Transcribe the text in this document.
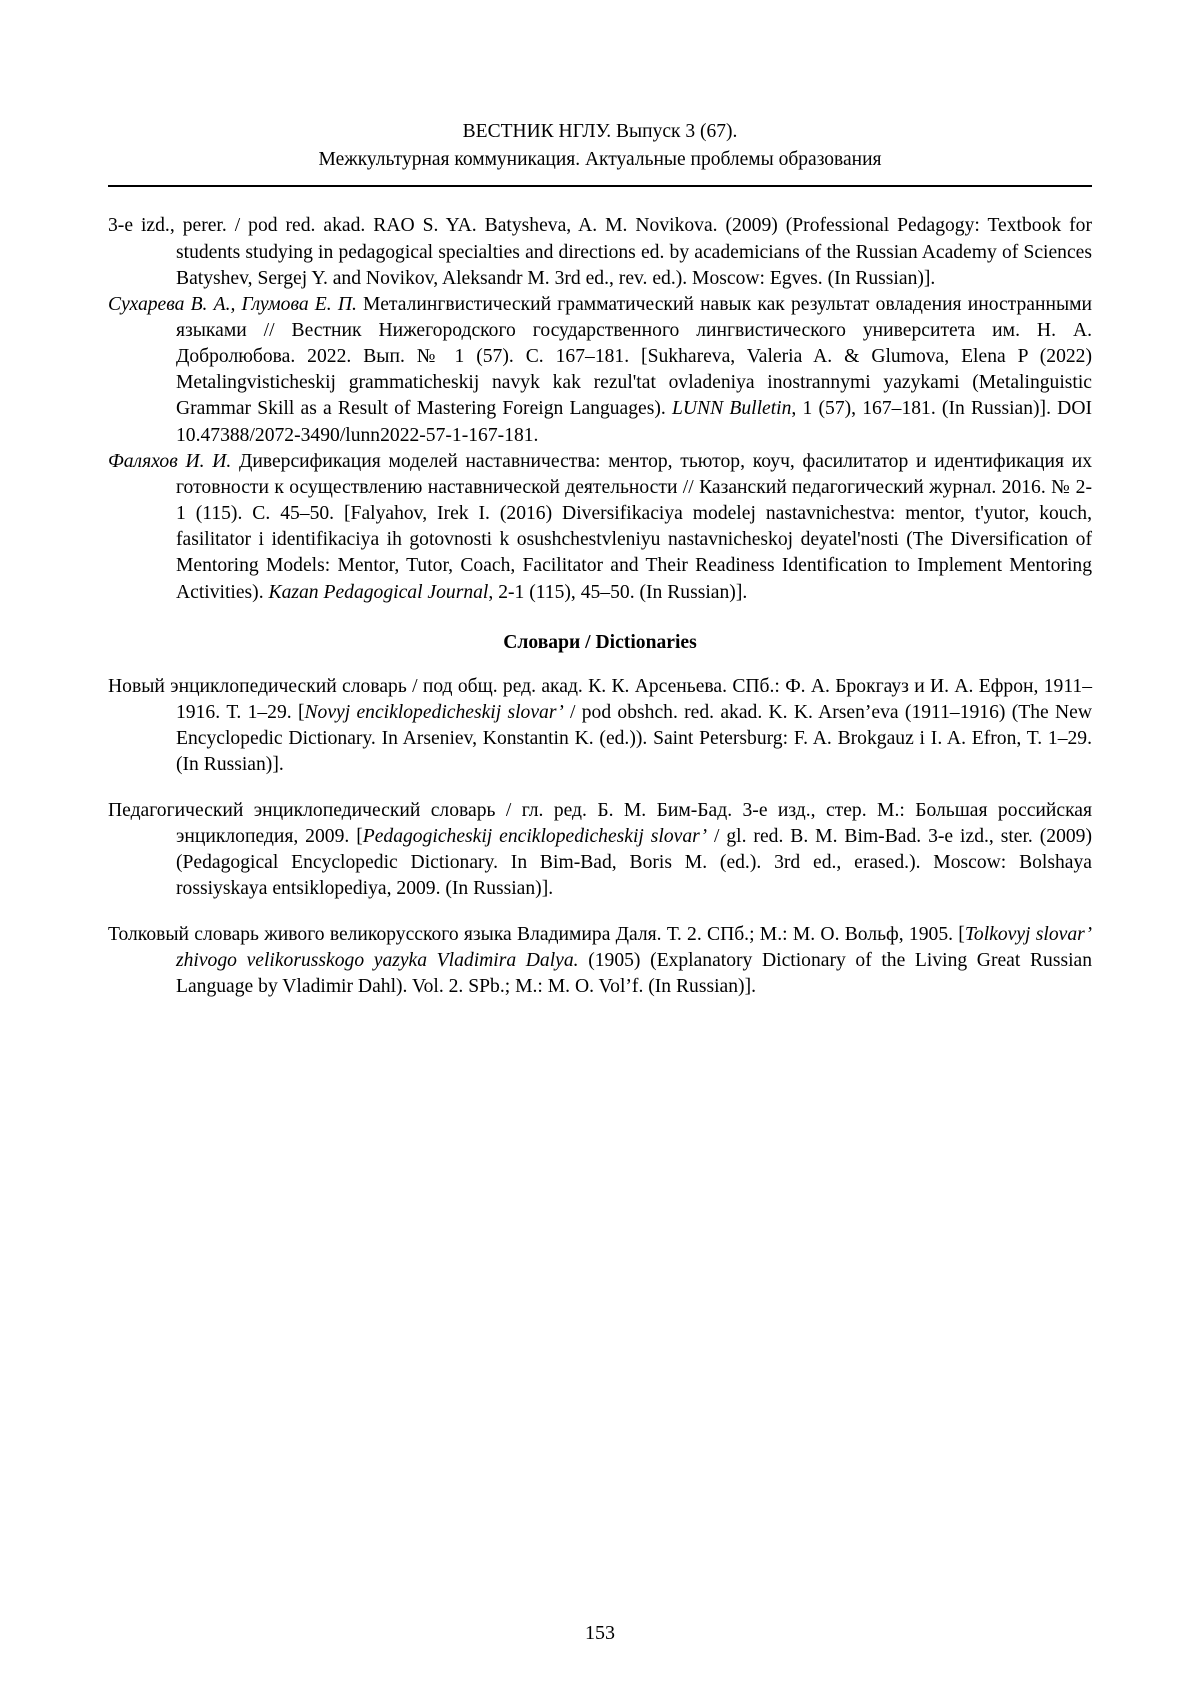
ВЕСТНИК НГЛУ. Выпуск 3 (67).
Межкультурная коммуникация. Актуальные проблемы образования

3-е izd., perer. / pod red. akad. RAO S. YA. Batysheva, A. M. Novikova. (2009) (Professional Pedagogy: Textbook for students studying in pedagogical specialties and directions ed. by academicians of the Russian Academy of Sciences Batyshev, Sergej Y. and Novikov, Aleksandr M. 3rd ed., rev. ed.). Moscow: Egves. (In Russian)].

Сухарева В. А., Глумова Е. П. Металингвистический грамматический навык как результат овладения иностранными языками // Вестник Нижегородского государственного лингвистического университета им. Н. А. Добролюбова. 2022. Вып. № 1 (57). С. 167–181. [Sukhareva, Valeria A. & Glumova, Elena P (2022) Metalingvisticheskij grammaticheskij navyk kak rezul'tat ovladeniya inostrannymi yazykami (Metalinguistic Grammar Skill as a Result of Mastering Foreign Languages). LUNN Bulletin, 1 (57), 167–181. (In Russian)]. DOI 10.47388/2072-3490/lunn2022-57-1-167-181.

Фаляхов И. И. Диверсификация моделей наставничества: ментор, тьютор, коуч, фасилитатор и идентификация их готовности к осуществлению наставнической деятельности // Казанский педагогический журнал. 2016. № 2-1 (115). С. 45–50. [Falyahov, Irek I. (2016) Diversifikaciya modelej nastavnichestva: mentor, t'yutor, kouch, fasilitator i identifikaciya ih gotovnosti k osushchestvleniyu nastavnicheskoj deyatel'nosti (The Diversification of Mentoring Models: Mentor, Tutor, Coach, Facilitator and Their Readiness Identification to Implement Mentoring Activities). Kazan Pedagogical Journal, 2-1 (115), 45–50. (In Russian)].

Словари / Dictionaries

Новый энциклопедический словарь / под общ. ред. акад. К. К. Арсеньева. СПб.: Ф. А. Брокгауз и И. А. Ефрон, 1911–1916. Т. 1–29. [Novyj enciklopedicheskij slovar’ / pod obshch. red. akad. K. K. Arsen’eva (1911–1916) (The New Encyclopedic Dictionary. In Arseniev, Konstantin K. (ed.)). Saint Petersburg: F. A. Brokgauz i I. A. Efron, T. 1–29. (In Russian)].

Педагогический энциклопедический словарь / гл. ред. Б. М. Бим-Бад. 3-е изд., стер. М.: Большая российская энциклопедия, 2009. [Pedagogicheskij enciklopedicheskij slovar’ / gl. red. B. M. Bim-Bad. 3-e izd., ster. (2009) (Pedagogical Encyclopedic Dictionary. In Bim-Bad, Boris M. (ed.). 3rd ed., erased.). Moscow: Bolshaya rossiyskaya entsiklopediya, 2009. (In Russian)].

Толковый словарь живого великорусского языка Владимира Даля. Т. 2. СПб.; М.: М. О. Вольф, 1905. [Tolkovyj slovar’ zhivogo velikorusskogo yazyka Vladimira Dalya. (1905) (Explanatory Dictionary of the Living Great Russian Language by Vladimir Dahl). Vol. 2. SPb.; M.: M. O. Vol’f. (In Russian)].

153
